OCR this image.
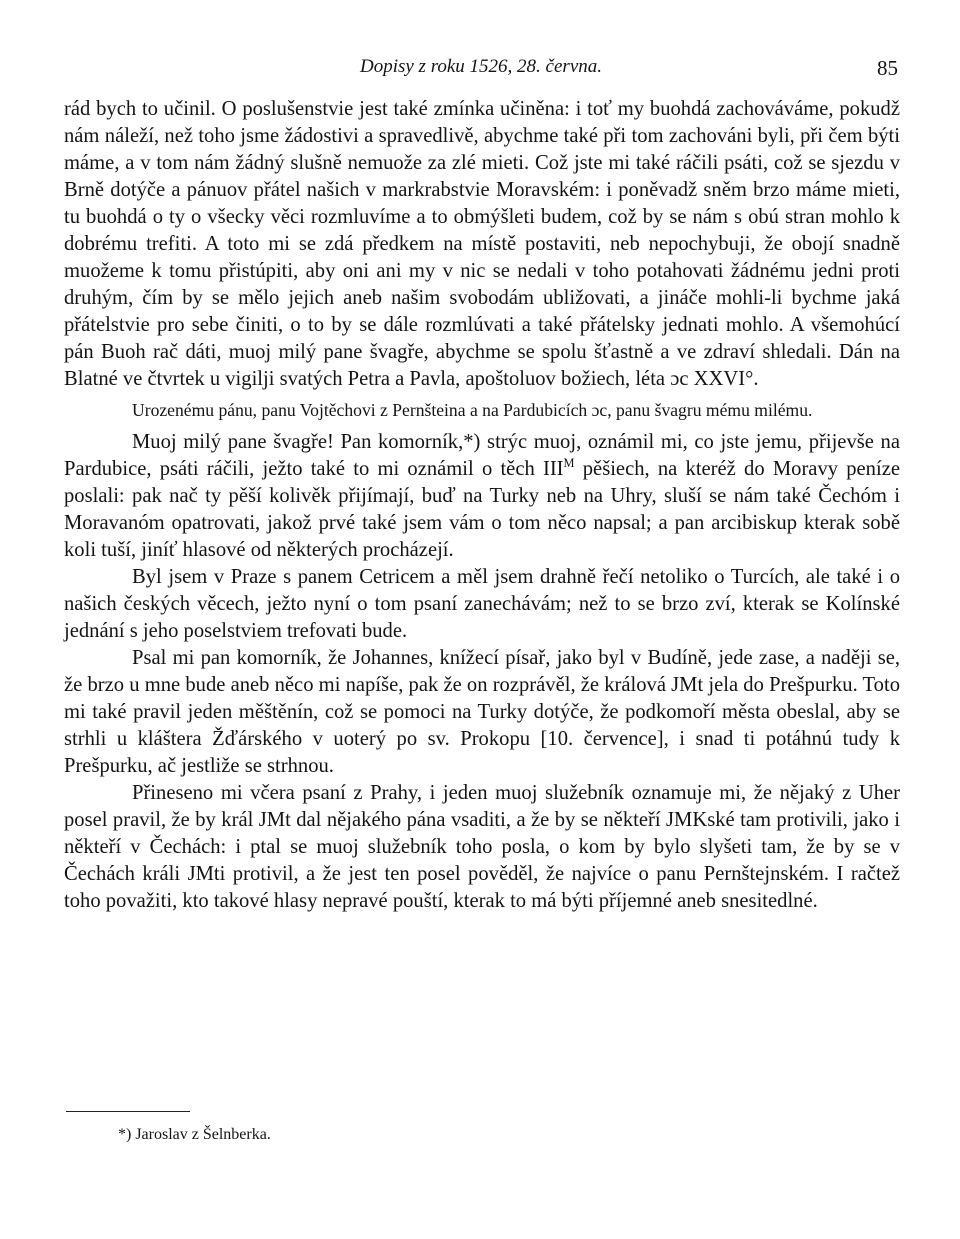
Dopisy z roku 1526, 28. června.	85

rád bych to učinil. O poslušenstvie jest také zmínka učiněna: i toť my buohdá zachováváme, pokudž nám náleží, než toho jsme žádostivi a spravedlivě, abychme také při tom zachováni byli, při čem býti máme, a v tom nám žádný slušně nemuože za zlé mieti. Což jste mi také ráčili psáti, což se sjezdu v Brně dotýče a pánuov přátel našich v markrabstvie Moravském: i poněvadž sněm brzo máme mieti, tu buohdá o ty o všecky věci rozmluvíme a to obmýšleti budem, což by se nám s obú stran mohlo k dobrému trefiti. A toto mi se zdá předkem na místě postaviti, neb nepochybuji, že obojí snadně muožeme k tomu přistúpiti, aby oni ani my v nic se nedali v toho potahovati žádnému jedni proti druhým, čím by se mělo jejich aneb našim svobodám ubližovati, a jináče mohli-li bychme jaká přátelstvie pro sebe činiti, o to by se dále rozmlúvati a také přátelsky jednati mohlo. A všemohúcí pán Buoh rač dáti, muoj milý pane švagře, abychme se spolu šťastně a ve zdraví shledali. Dán na Blatné ve čtvrtek u vigilji svatých Petra a Pavla, apoštoluov božiech, léta ɔc XXVI°.

Urozenému pánu, panu Vojtěchovi z Pernšteina a na Pardubicích ɔc, panu švagru mému milému.

Muoj milý pane švagře! Pan komorník,*) strýc muoj, oznámil mi, co jste jemu, přijevše na Pardubice, psáti ráčili, ježto také to mi oznámil o těch $III^M$ pěšiech, na kteréž do Moravy peníze poslali: pak nač ty pěší kolivěk přijímají, buď na Turky neb na Uhry, sluší se nám také Čechóm i Moravanóm opatrovati, jakož prvé také jsem vám o tom něco napsal; a pan arcibiskup kterak sobě koli tuší, jiníť hlasové od některých procházejí.

Byl jsem v Praze s panem Cetricem a měl jsem drahně řečí netoliko o Turcích, ale také i o našich českých věcech, ježto nyní o tom psaní zanechávám; než to se brzo zví, kterak se Kolínské jednání s jeho poselstviem trefovati bude.

Psal mi pan komorník, že Johannes, knížecí písař, jako byl v Budíně, jede zase, a naději se, že brzo u mne bude aneb něco mi napíše, pak že on rozprávěl, že králová JMt jela do Prešpurku. Toto mi také pravil jeden měštěnín, což se pomoci na Turky dotýče, že podkomoří města obeslal, aby se strhli u kláštera Žďárského v uoterý po sv. Prokopu [10. července], i snad ti potáhnú tudy k Prešpurku, ač jestliže se strhnou.

Přineseno mi včera psaní z Prahy, i jeden muoj služebník oznamuje mi, že nějaký z Uher posel pravil, že by král JMt dal nějakého pána vsaditi, a že by se někteří JMKské tam protivili, jako i někteří v Čechách: i ptal se muoj služebník toho posla, o kom by bylo slyšeti tam, že by se v Čechách králi JMti protivil, a že jest ten posel pověděl, že najvíce o panu Pernštejnském. I račtež toho považiti, kto takové hlasy nepravé pouští, kterak to má býti příjemné aneb snesitedlné.

*) Jaroslav z Šelnberka.
